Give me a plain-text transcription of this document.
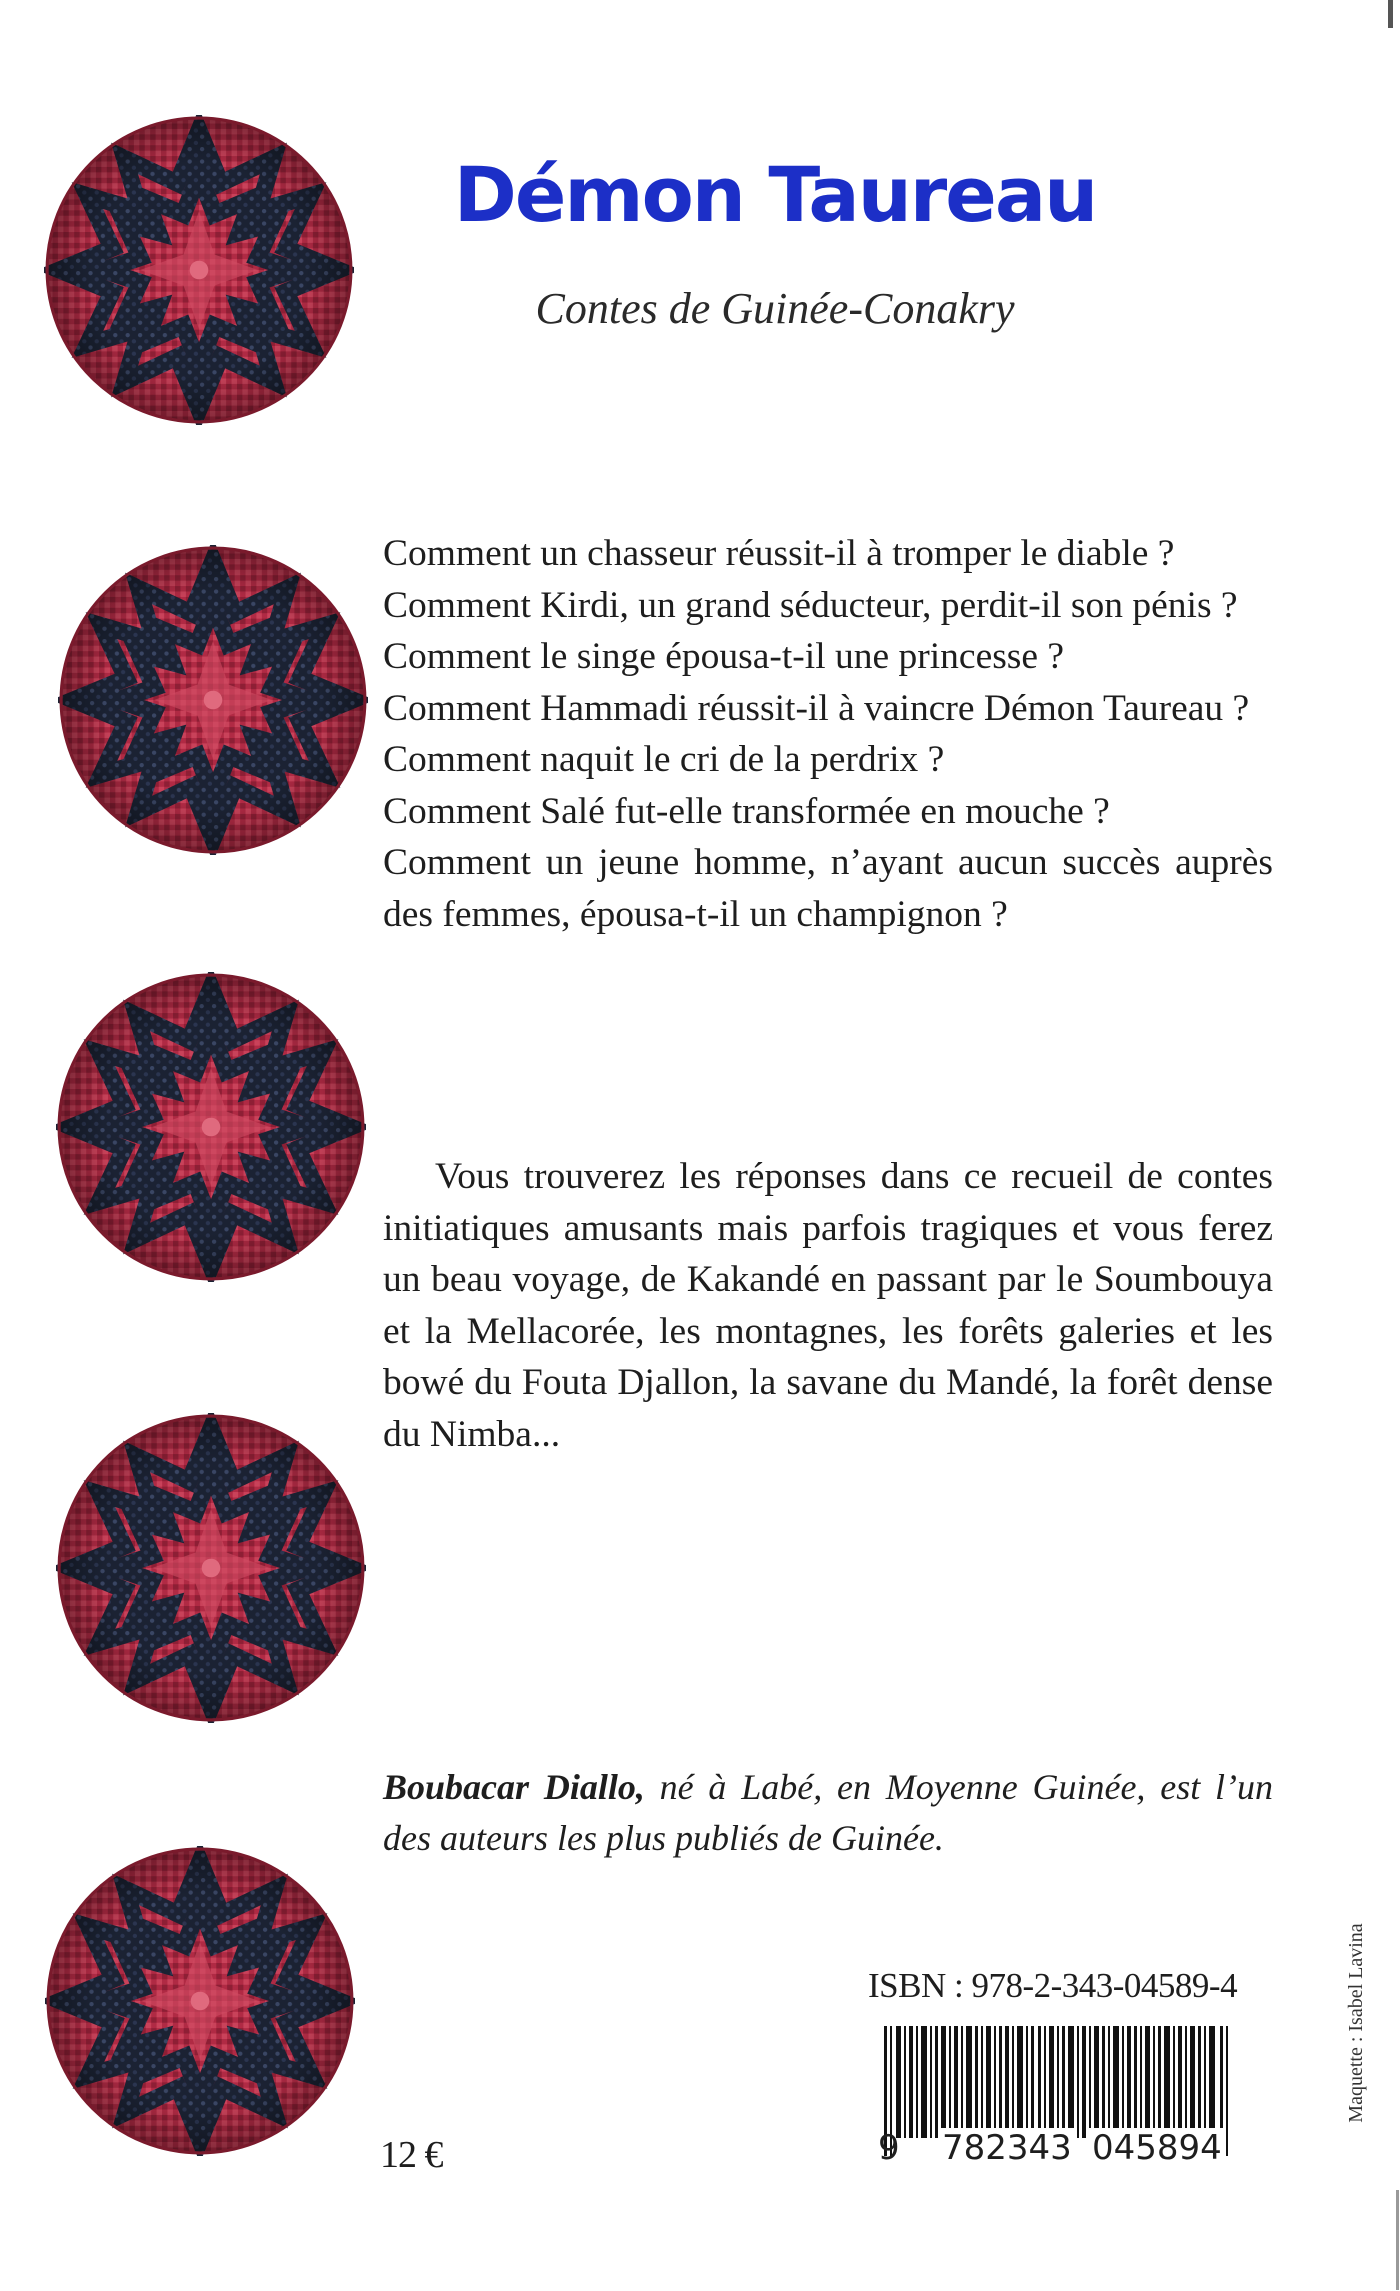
Démon Taureau
Contes de Guinée-Conakry

Comment un chasseur réussit-il à tromper le diable ?

Comment Kirdi, un grand séducteur, perdit-il son pénis ?

Comment le singe épousa-t-il une princesse ?

Comment Hammadi réussit-il à vaincre Démon Taureau ?

Comment naquit le cri de la perdrix ?

Comment Salé fut-elle transformée en mouche ?

Comment un jeune homme, n’ayant aucun succès auprès des femmes, épousa-t-il un champignon ?

Vous trouverez les réponses dans ce recueil de contes initiatiques amusants mais parfois tragiques et vous ferez un beau voyage, de Kakandé en passant par le Soumbouya et la Mellacorée, les montagnes, les forêts galeries et les bowé du Fouta Djallon, la savane du Mandé, la forêt dense du Nimba...

Boubacar Diallo, né à Labé, en Moyenne Guinée, est l’un des auteurs les plus publiés de Guinée.

ISBN : 978-2-343-04589-4
9 782343 045894
12 €
Maquette : Isabel Lavina
